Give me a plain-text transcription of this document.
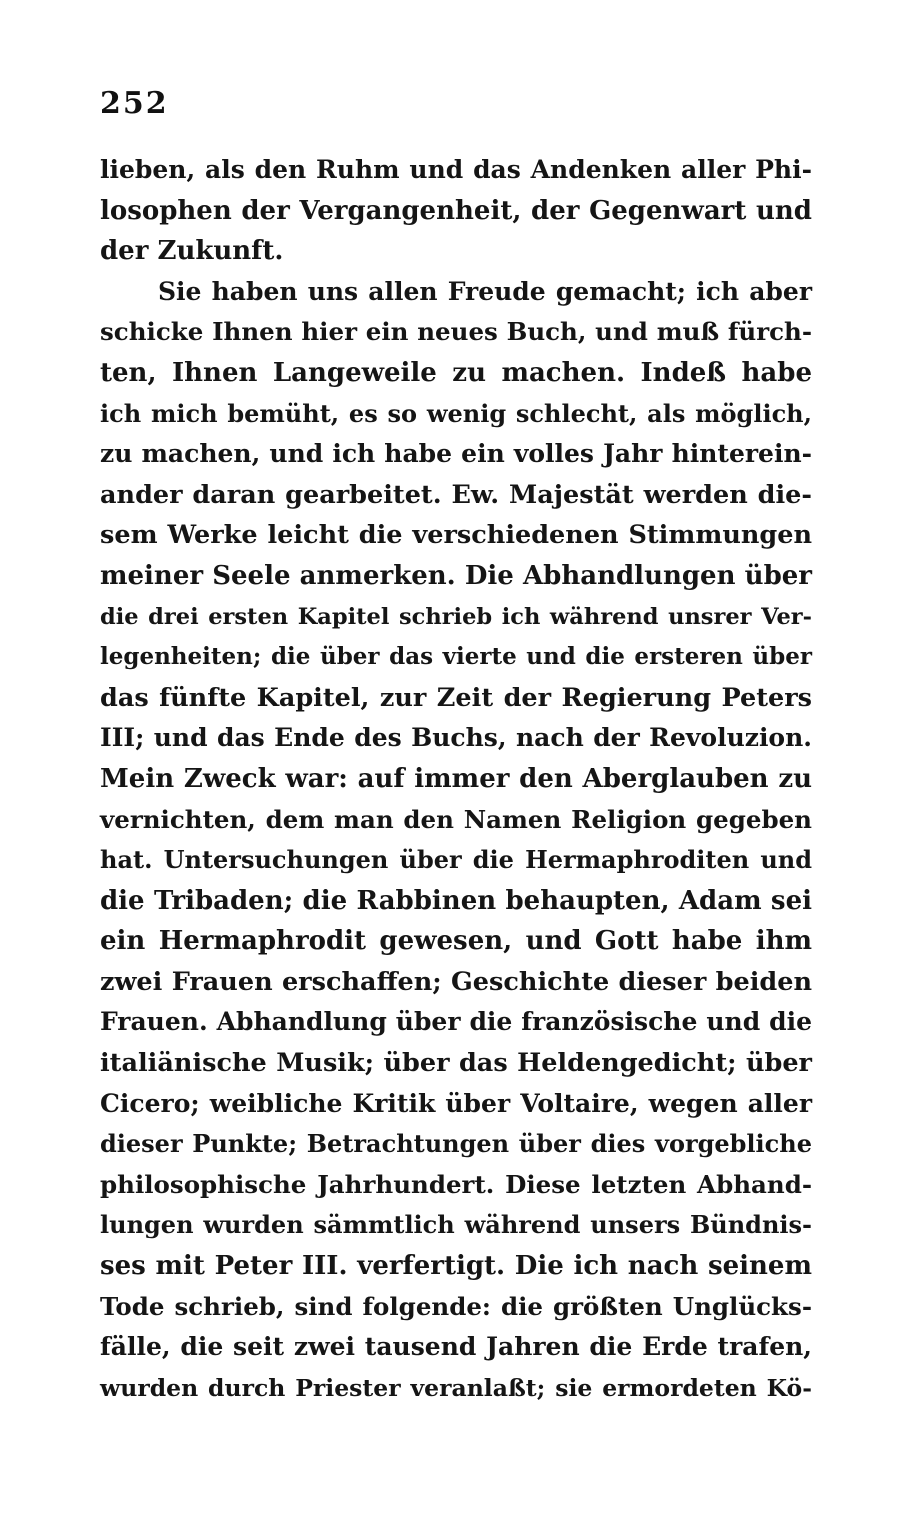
252
lieben, als den Ruhm und das Andenken aller Phi-
losophen der Vergangenheit, der Gegenwart und
der Zukunft.
Sie haben uns allen Freude gemacht; ich aber
schicke Ihnen hier ein neues Buch, und muß fürch-
ten, Ihnen Langeweile zu machen. Indeß habe
ich mich bemüht, es so wenig schlecht, als möglich,
zu machen, und ich habe ein volles Jahr hinterein-
ander daran gearbeitet. Ew. Majestät werden die-
sem Werke leicht die verschiedenen Stimmungen
meiner Seele anmerken. Die Abhandlungen über
die drei ersten Kapitel schrieb ich während unsrer Ver-
legenheiten; die über das vierte und die ersteren über
das fünfte Kapitel, zur Zeit der Regierung Peters
III; und das Ende des Buchs, nach der Revoluzion.
Mein Zweck war: auf immer den Aberglauben zu
vernichten, dem man den Namen Religion gegeben
hat. Untersuchungen über die Hermaphroditen und
die Tribaden; die Rabbinen behaupten, Adam sei
ein Hermaphrodit gewesen, und Gott habe ihm
zwei Frauen erschaffen; Geschichte dieser beiden
Frauen. Abhandlung über die französische und die
italiänische Musik; über das Heldengedicht; über
Cicero; weibliche Kritik über Voltaire, wegen aller
dieser Punkte; Betrachtungen über dies vorgebliche
philosophische Jahrhundert. Diese letzten Abhand-
lungen wurden sämmtlich während unsers Bündnis-
ses mit Peter III. verfertigt. Die ich nach seinem
Tode schrieb, sind folgende: die größten Unglücks-
fälle, die seit zwei tausend Jahren die Erde trafen,
wurden durch Priester veranlaßt; sie ermordeten Kö-
